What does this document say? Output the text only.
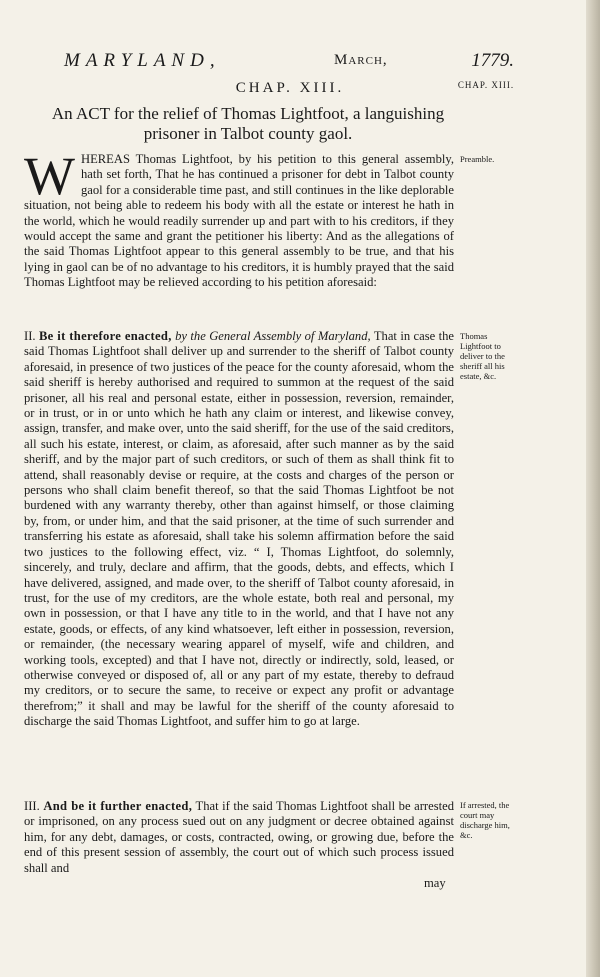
MARYLAND,	March,	1779.
CHAP. XIII.	CHAP. XIII.
An ACT for the relief of Thomas Lightfoot, a languishing prisoner in Talbot county gaol.
WHEREAS Thomas Lightfoot, by his petition to this general assembly, hath set forth, That he has continued a prisoner for debt in Talbot county gaol for a considerable time past, and still continues in the like deplorable situation, not being able to redeem his body with all the estate or interest he hath in the world, which he would readily surrender up and part with to his creditors, if they would accept the same and grant the petitioner his liberty: And as the allegations of the said Thomas Lightfoot appear to this general assembly to be true, and that his lying in gaol can be of no advantage to his creditors, it is humbly prayed that the said Thomas Lightfoot may be relieved according to his petition aforesaid:
Preamble.
II. Be it therefore enacted, by the General Assembly of Maryland, That in case the said Thomas Lightfoot shall deliver up and surrender to the sheriff of Talbot county aforesaid, in presence of two justices of the peace for the county aforesaid, whom the said sheriff is hereby authorised and required to summon at the request of the said prisoner, all his real and personal estate, either in possession, reversion, remainder, or in trust, or in or unto which he hath any claim or interest, and likewise convey, assign, transfer, and make over, unto the said sheriff, for the use of the said creditors, all such his estate, interest, or claim, as aforesaid, after such manner as by the said sheriff, and by the major part of such creditors, or such of them as shall think fit to attend, shall reasonably devise or require, at the costs and charges of the person or persons who shall claim benefit thereof, so that the said Thomas Lightfoot be not burdened with any warranty thereby, other than against himself, or those claiming by, from, or under him, and that the said prisoner, at the time of such surrender and transferring his estate as aforesaid, shall take his solemn affirmation before the said two justices to the following effect, viz. “ I, Thomas Lightfoot, do solemnly, sincerely, and truly, declare and affirm, that the goods, debts, and effects, which I have delivered, assigned, and made over, to the sheriff of Talbot county aforesaid, in trust, for the use of my creditors, are the whole estate, both real and personal, my own in possession, or that I have any title to in the world, and that I have not any estate, goods, or effects, of any kind whatsoever, left either in possession, reversion, or remainder, (the necessary wearing apparel of myself, wife and children, and working tools, excepted) and that I have not, directly or indirectly, sold, leased, or otherwise conveyed or disposed of, all or any part of my estate, thereby to defraud my creditors, or to secure the same, to receive or expect any profit or advantage therefrom;” it shall and may be lawful for the sheriff of the county aforesaid to discharge the said Thomas Lightfoot, and suffer him to go at large.
Thomas Lightfoot to deliver to the sheriff all his estate, &c.
III. And be it further enacted, That if the said Thomas Lightfoot shall be arrested or imprisoned, on any process sued out on any judgment or decree obtained against him, for any debt, damages, or costs, contracted, owing, or growing due, before the end of this present session of assembly, the court out of which such process issued shall and
If arrested, the court may discharge him, &c.
may
